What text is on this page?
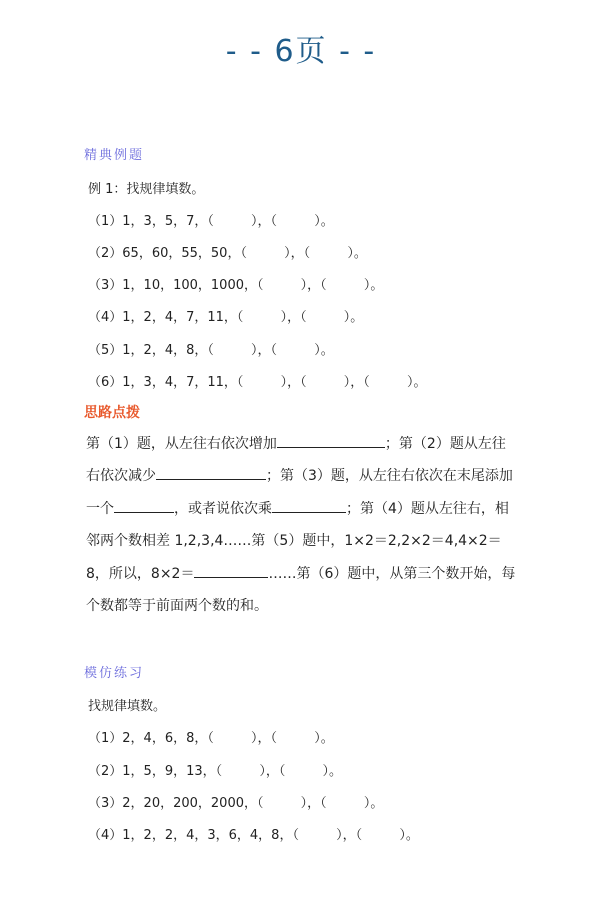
- - 6页 - -
精典例题
例 1：找规律填数。
（1）1，3，5，7，（         ），（         ）。
（2）65，60，55，50，（         ），（         ）。
（3）1，10，100，1000，（         ），（         ）。
（4）1，2，4，7，11，（         ），（         ）。
（5）1，2，4，8，（         ），（         ）。
（6）1，3，4，7，11，（         ），（         ），（         ）。
思路点拨
第（1）题，从左往右依次增加	；第（2）题从左往右依次减少	；第（3）题，从左往右依次在末尾添加一个	，或者说依次乘	；第（4）题从左往右，相邻两个数相差 1,2,3,4……第（5）题中，1×2＝2,2×2＝4,4×2＝8，所以，8×2＝	……第（6）题中，从第三个数开始，每个数都等于前面两个数的和。
模仿练习
找规律填数。
（1）2，4，6，8，（         ），（         ）。
（2）1，5，9，13，（         ），（         ）。
（3）2，20，200，2000，（         ），（         ）。
（4）1，2，2，4，3，6，4，8，（         ），（         ）。
